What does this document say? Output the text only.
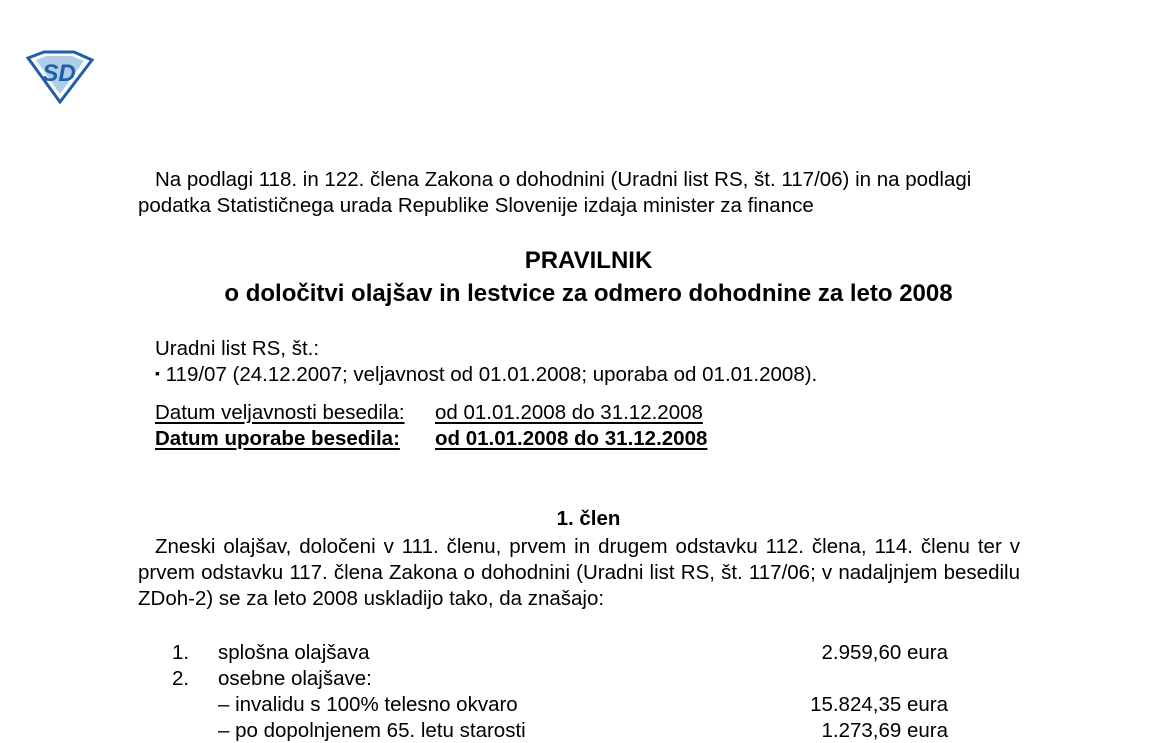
SD
Na podlagi 118. in 122. člena Zakona o dohodnini (Uradni list RS, št. 117/06) in na podlagi podatka Statističnega urada Republike Slovenije izdaja minister za finance
PRAVILNIK
o določitvi olajšav in lestvice za odmero dohodnine za leto 2008
Uradni list RS, št.:
▪ 119/07 (24.12.2007; veljavnost od 01.01.2008; uporaba od 01.01.2008).
Datum veljavnosti besedila: od 01.01.2008 do 31.12.2008
Datum uporabe besedila: od 01.01.2008 do 31.12.2008
1. člen
Zneski olajšav, določeni v 111. členu, prvem in drugem odstavku 112. člena, 114. členu ter v prvem odstavku 117. člena Zakona o dohodnini (Uradni list RS, št. 117/06; v nadaljnjem besedilu ZDoh-2) se za leto 2008 uskladijo tako, da znašajo:
1. splošna olajšava	2.959,60 eura
2. osebne olajšave:
– invalidu s 100% telesno okvaro	15.824,35 eura
– po dopolnjenem 65. letu starosti	1.273,69 eura
